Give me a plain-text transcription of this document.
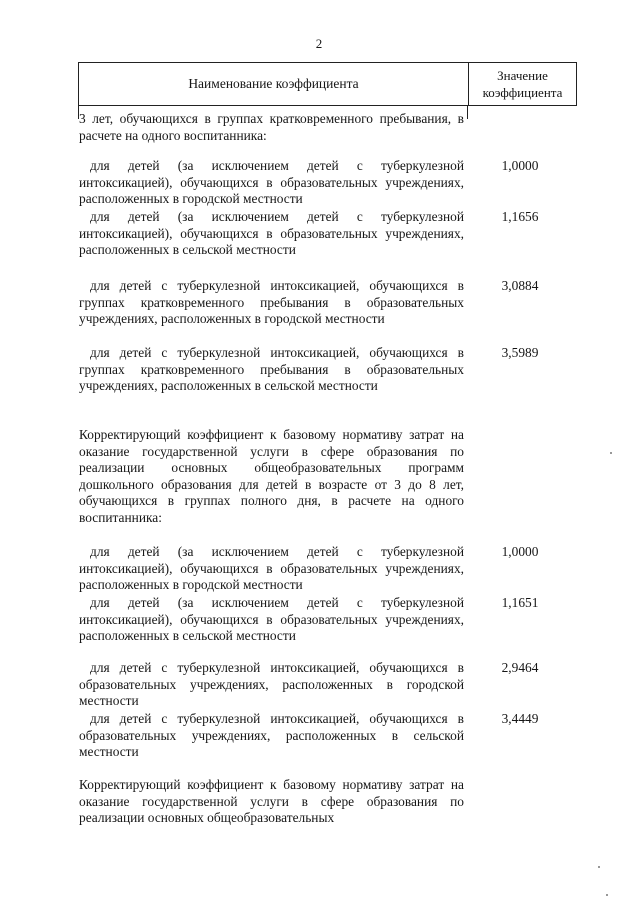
2
Наименование коэффициента
Значение
коэффициента
3 лет, обучающихся в группах кратковременного пребывания, в расчете на одного воспитанника:
для детей (за исключением детей с туберкулезной интоксикацией), обучающихся в образовательных учреждениях, расположенных в городской местности
1,0000
для детей (за исключением детей с туберкулезной интоксикацией), обучающихся в образовательных учреждениях, расположенных в сельской местности
1,1656
для детей с туберкулезной интоксикацией, обучающихся в группах кратковременного пребывания в образовательных учреждениях, расположенных в городской местности
3,0884
для детей с туберкулезной интоксикацией, обучающихся в группах кратковременного пребывания в образовательных учреждениях, расположенных в сельской местности
3,5989
Корректирующий коэффициент к базовому нормативу затрат на оказание государственной услуги в сфере образования по реализации основных общеобразовательных программ дошкольного образования для детей в возрасте от 3 до 8 лет, обучающихся в группах полного дня, в расчете на одного воспитанника:
для детей (за исключением детей с туберкулезной интоксикацией), обучающихся в образовательных учреждениях, расположенных в городской местности
1,0000
для детей (за исключением детей с туберкулезной интоксикацией), обучающихся в образовательных учреждениях, расположенных в сельской местности
1,1651
для детей с туберкулезной интоксикацией, обучающихся в образовательных учреждениях, расположенных в городской местности
2,9464
для детей с туберкулезной интоксикацией, обучающихся в образовательных учреждениях, расположенных в сельской местности
3,4449
Корректирующий коэффициент к базовому нормативу затрат на оказание государственной услуги в сфере образования по реализации основных общеобразовательных
